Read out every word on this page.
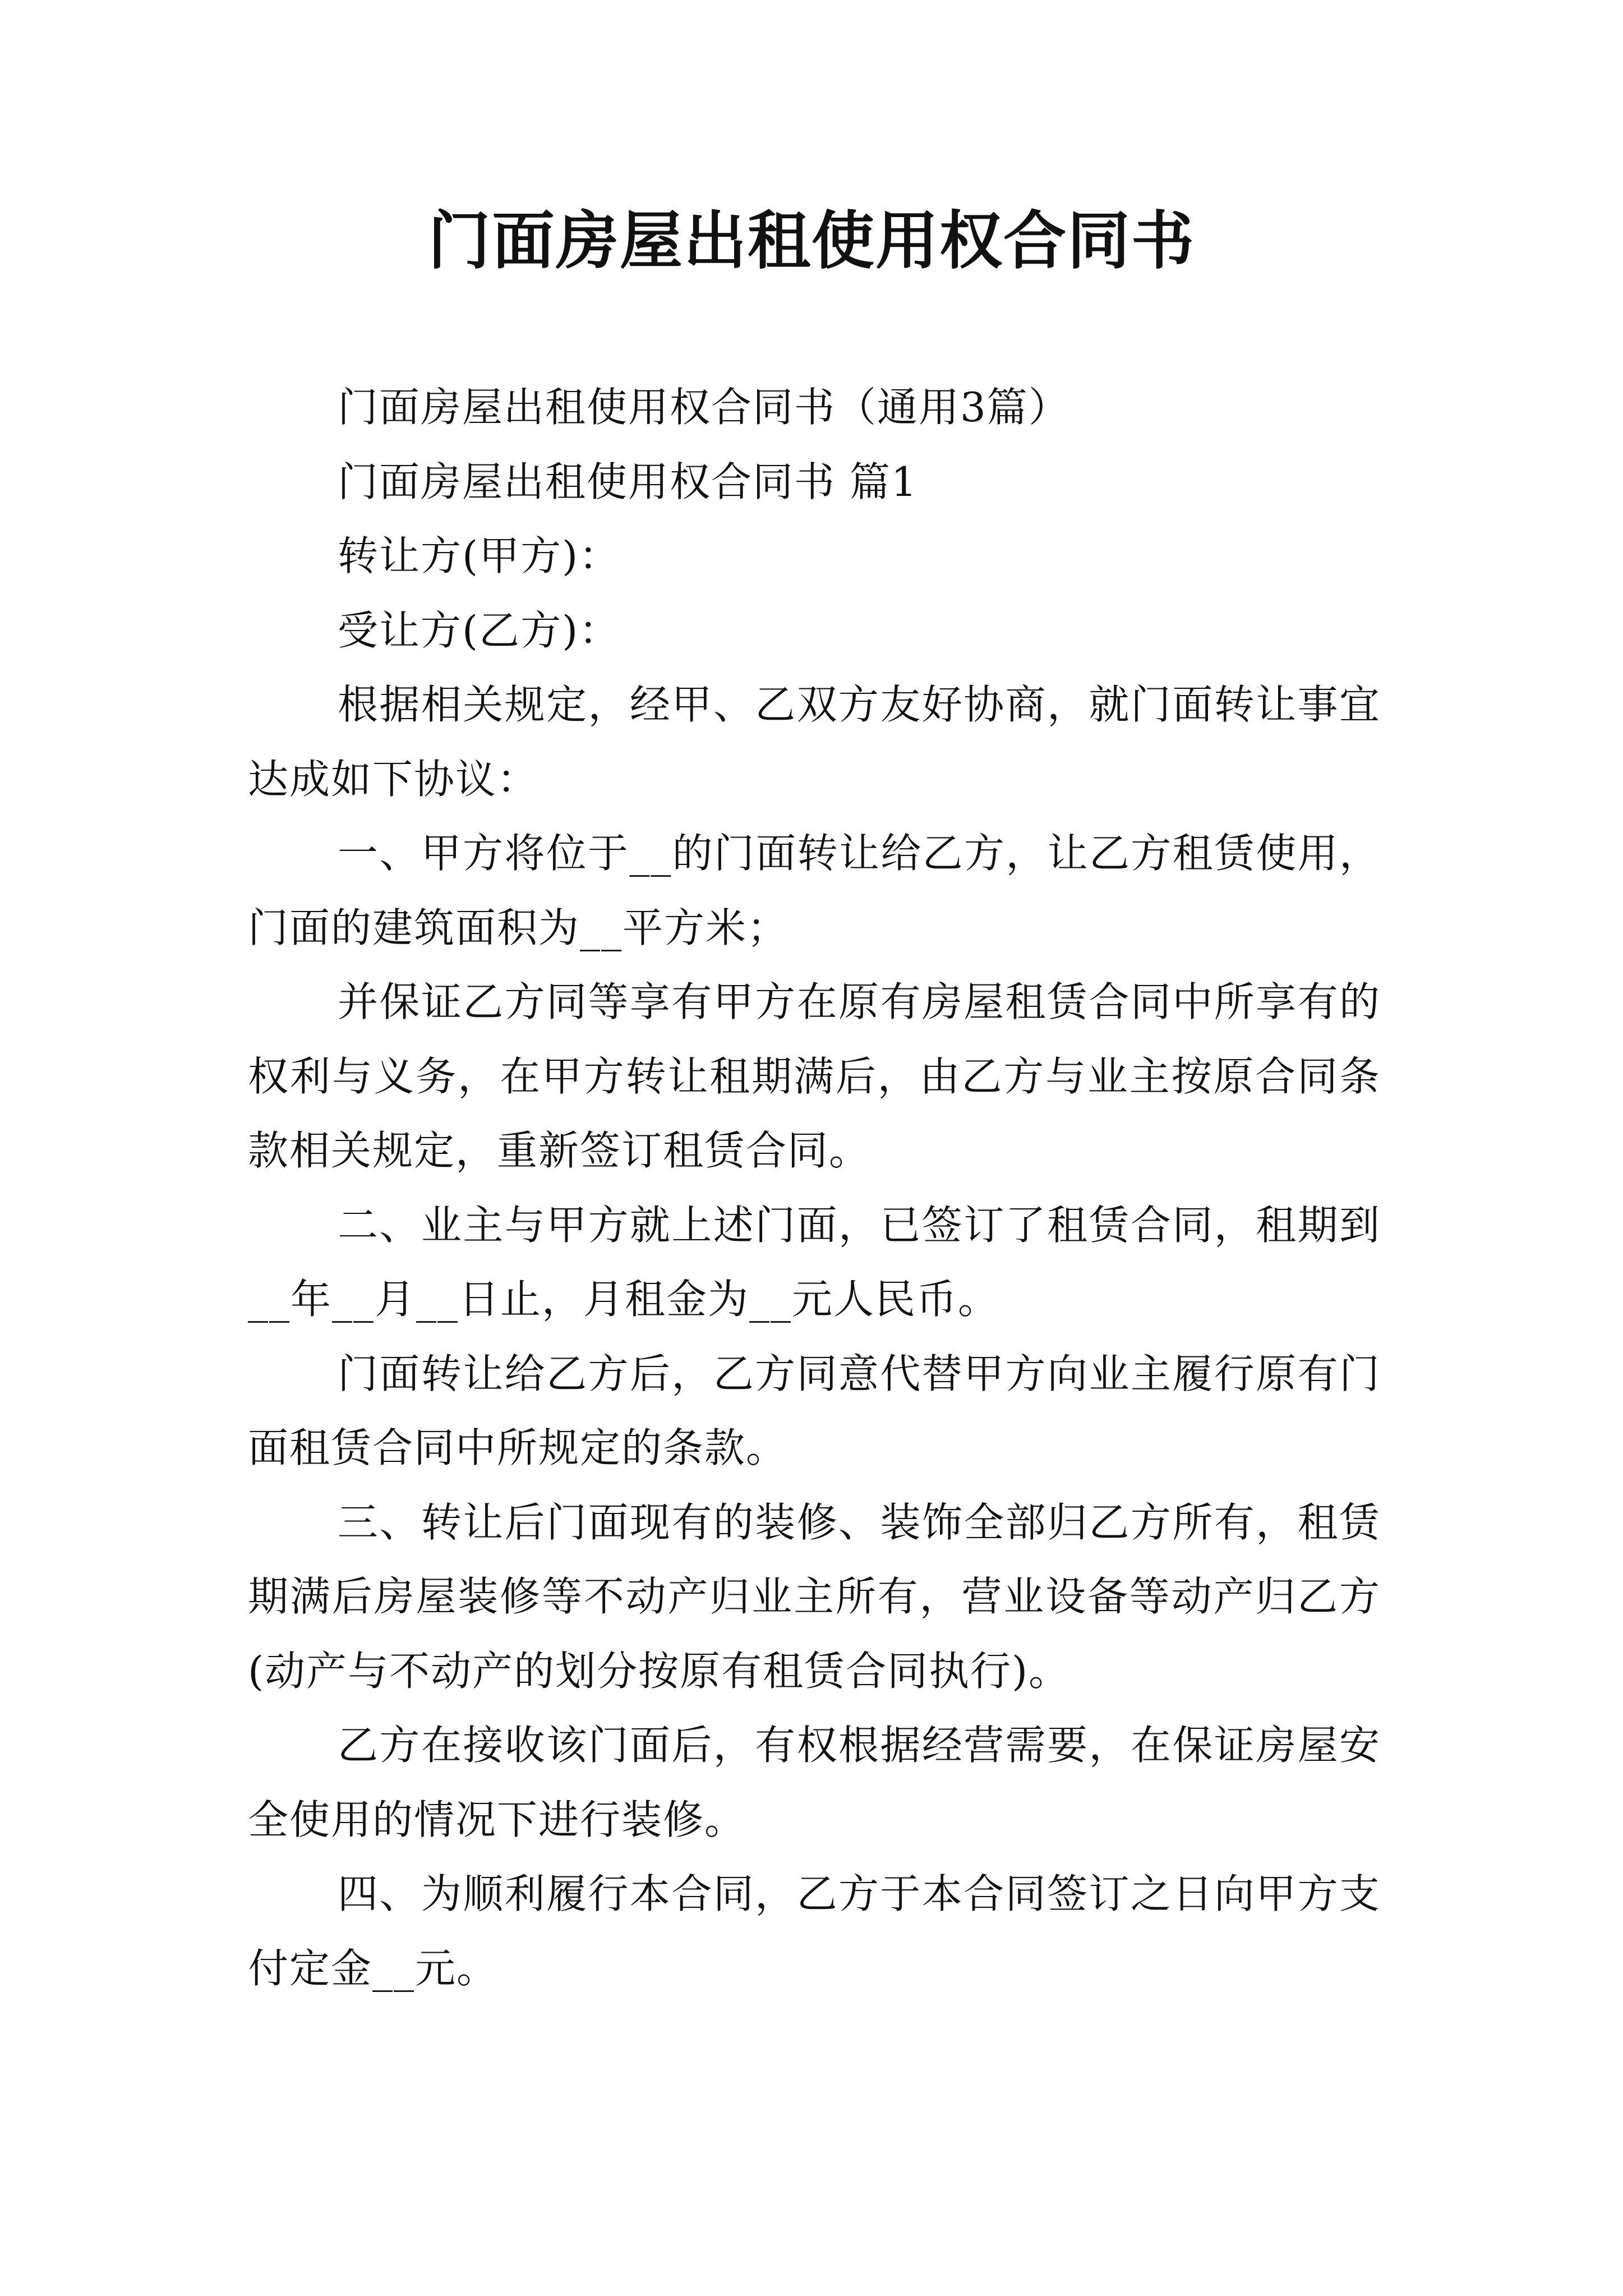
门面房屋出租使用权合同书

门面房屋出租使用权合同书（通用3篇）

门面房屋出租使用权合同书 篇1

转让方(甲方)：

受让方(乙方)：

根据相关规定，经甲、乙双方友好协商，就门面转让事宜达成如下协议：

一、甲方将位于__的门面转让给乙方，让乙方租赁使用，门面的建筑面积为__平方米；

并保证乙方同等享有甲方在原有房屋租赁合同中所享有的权利与义务，在甲方转让租期满后，由乙方与业主按原合同条款相关规定，重新签订租赁合同。

二、业主与甲方就上述门面，已签订了租赁合同，租期到__年__月__日止，月租金为__元人民币。

门面转让给乙方后，乙方同意代替甲方向业主履行原有门面租赁合同中所规定的条款。

三、转让后门面现有的装修、装饰全部归乙方所有，租赁期满后房屋装修等不动产归业主所有，营业设备等动产归乙方(动产与不动产的划分按原有租赁合同执行)。

乙方在接收该门面后，有权根据经营需要，在保证房屋安全使用的情况下进行装修。

四、为顺利履行本合同，乙方于本合同签订之日向甲方支付定金__元。
